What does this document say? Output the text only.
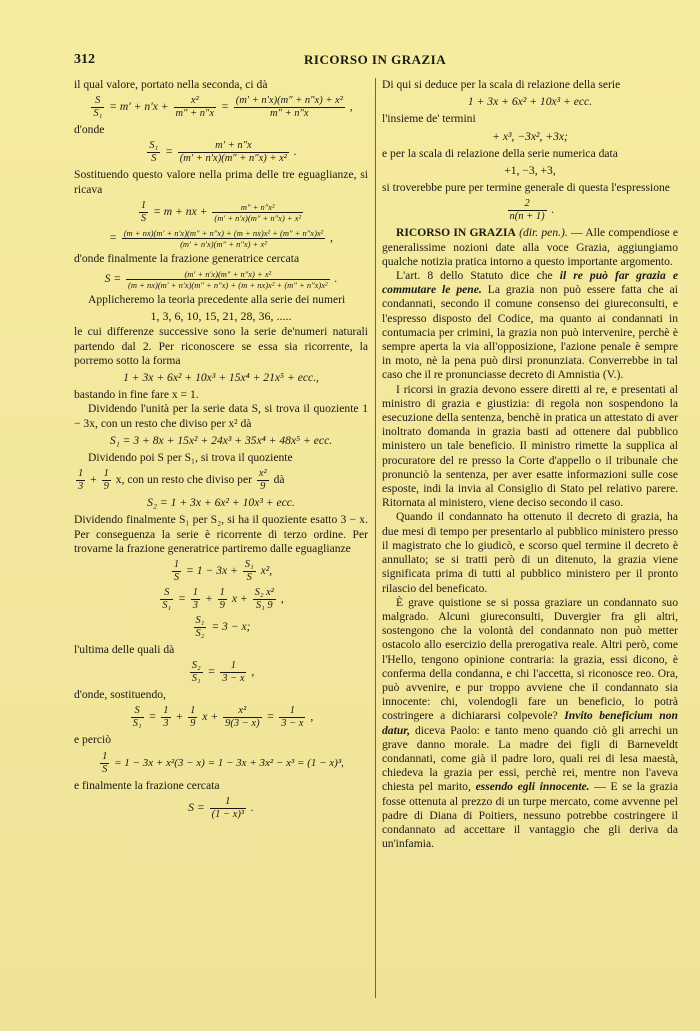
312	RICORSO IN GRAZIA

il qual valore, portato nella seconda, ci dà

$\frac{S}{\text{S₁}} = m' + n'x + \frac{\text{x²}}{m'' + n''x} = \frac{\text{(m′ + n′x)(m″ + n″x) + x²}}{m'' + n''x}$ ,

d'onde

$\frac{\text{S₁}}{S} = \frac{m' + n''x}{\text{(m′ + n′x)(m″ + n″x) + x²}}$ .

Sostituendo questo valore nella prima delle tre eguaglianze, si ricava

$\frac{1}{S} = m$ + nx + $\frac{\text{m″ + n″x²}}{\text{(m′ + n′x)(m″ + n″x) + x²}}$
= $\frac{\text{(m + nx)(m′ + n′x)(m″ + n″x) + (m + nx)x² + (m″ + n″x)x²}}{\text{(m′ + n′x)(m″ + n″x) + x²}}$ ,

d'onde finalmente la frazione generatrice cercata

$S = \frac{\text{(m′ + n′x)(m″ + n″x) + x²}}{\text{(m + nx)(m′ + n′x)(m″ + n″x) + (m + nx)x² + (m″ + n″x)x²}}$ .

Applicheremo la teoria precedente alla serie dei numeri

1, 3, 6, 10, 15, 21, 28, 36, .....

le cui differenze successive sono la serie de'numeri naturali partendo dal 2. Per riconoscere se essa sia ricorrente, la porremo sotto la forma

1 + 3x + 6x² + 10x³ + 15x⁴ + 21x⁵ + ecc.,

bastando in fine fare x = 1.

Dividendo l'unità per la serie data S, si trova il quoziente 1 − 3x, con un resto che diviso per x² dà

S₁ = 3 + 8x + 15x² + 24x³ + 35x⁴ + 48x⁵ + ecc.

Dividendo poi S per S₁, si trova il quoziente

$\frac{1}{3} + \frac{1}{9} x$, con un resto che diviso per $\frac{\text{x²}}{9}$ dà
S₂ = 1 + 3x + 6x² + 10x³ + ecc.

Dividendo finalmente S₁ per S₂, si ha il quoziente esatto 3 − x. Per conseguenza la serie è ricorrente di terzo ordine. Per trovarne la frazione generatrice partiremo dalle eguaglianze

$\frac{1}{S} = 1 - 3x + \frac{\text{S₁}}{S} x^2$,
$\frac{S}{\text{S₁}} = \frac{1}{3} + \frac{1}{9}$ $x + \frac{\text{S₂ x²}}{\text{S₁ 9}}$ ,
$\frac{\text{S₁}}{\text{S₂}} = 3 - x$;

l'ultima delle quali dà

$\frac{\text{S₂}}{\text{S₁}} = \frac{1}{3 - x}$ ,

d'onde, sostituendo,

$\frac{S}{\text{S₁}} = \frac{1}{3} + \frac{1}{9}$ $x + \frac{\text{x²}}{9(3 - x)} = \frac{1}{3 - x}$ ,

e perciò

$\frac{1}{S} = 1 - 3x + x^2(3 - x) = 1 - 3x + 3x^2 - x^3 = (1 - x)^3$,

e finalmente la frazione cercata

$S = \frac{1}{\text{(1 − x)³}}$ .

Di qui si deduce per la scala di relazione della serie

1 + 3x + 6x² + 10x³ + ecc.

l'insieme de' termini

+ x³, −3x², +3x;

e per la scala di relazione della serie numerica data

+1, −3, +3,

si troverebbe pure per termine generale di questa l'espressione

$\frac{2}{n(n + 1)}$ .

RICORSO IN GRAZIA (dir. pen.). — Alle compendiose e generalissime nozioni date alla voce Grazia, aggiungiamo qualche notizia pratica intorno a questo importante argomento.

L'art. 8 dello Statuto dice che il re può far grazia e commutare le pene. La grazia non può essere fatta che ai condannati, secondo il comune consenso dei giureconsulti, e l'espresso disposto del Codice, ma quanto ai condannati in contumacia per crimini, la grazia non può intervenire, perchè è sempre aperta la via all'opposizione, l'azione penale è sempre in moto, nè la pena può dirsi pronunziata. Converrebbe in tal caso che il re pronunciasse decreto di Amnistia (V.).

I ricorsi in grazia devono essere diretti al re, e presentati al ministro di grazia e giustizia: di regola non sospendono la esecuzione della sentenza, benchè in pratica un attestato di aver inoltrato domanda in grazia basti ad ottenere dal pubblico ministero un tale beneficio. Il ministro rimette la supplica al procuratore del re presso la Corte d'appello o il tribunale che pronunciò la sentenza, per aver esatte informazioni sulle cose esposte, indi la invia al Consiglio di Stato pel relativo parere. Ritornata al ministero, viene deciso secondo il caso.

Quando il condannato ha ottenuto il decreto di grazia, ha due mesi di tempo per presentarlo al pubblico ministero presso il magistrato che lo giudicò, e scorso quel termine il decreto è annullato; se si tratti però di un ditenuto, la grazia viene significata prima di tutti al pubblico ministero per il pronto rilascio del beneficato.

È grave quistione se si possa graziare un condannato suo malgrado. Alcuni giureconsulti, Duvergier fra gli altri, sostengono che la volontà del condannato non può metter ostacolo allo esercizio della prerogativa reale. Altri però, come l'Hello, tengono opinione contraria: la grazia, essi dicono, è conferma della condanna, e chi l'accetta, si riconosce reo. Ora, può avvenire, e pur troppo avviene che il condannato sia innocente: chi, volendogli fare un beneficio, lo potrà costringere a dichiararsi colpevole? Invito beneficium non datur, diceva Paolo: e tanto meno quando ciò gli arrechi un grave danno morale. La madre dei figli di Barneveldt condannati, come già il padre loro, quali rei di lesa maestà, chiedeva la grazia per essi, perchè rei, mentre non l'aveva chiesta pel marito, essendo egli innocente. — E se la grazia fosse ottenuta al prezzo di un turpe mercato, come avvenne pel padre di Diana di Poitiers, nessuno potrebbe costringere il condannato ad accettare il vantaggio che gli deriva da un'infamia.
